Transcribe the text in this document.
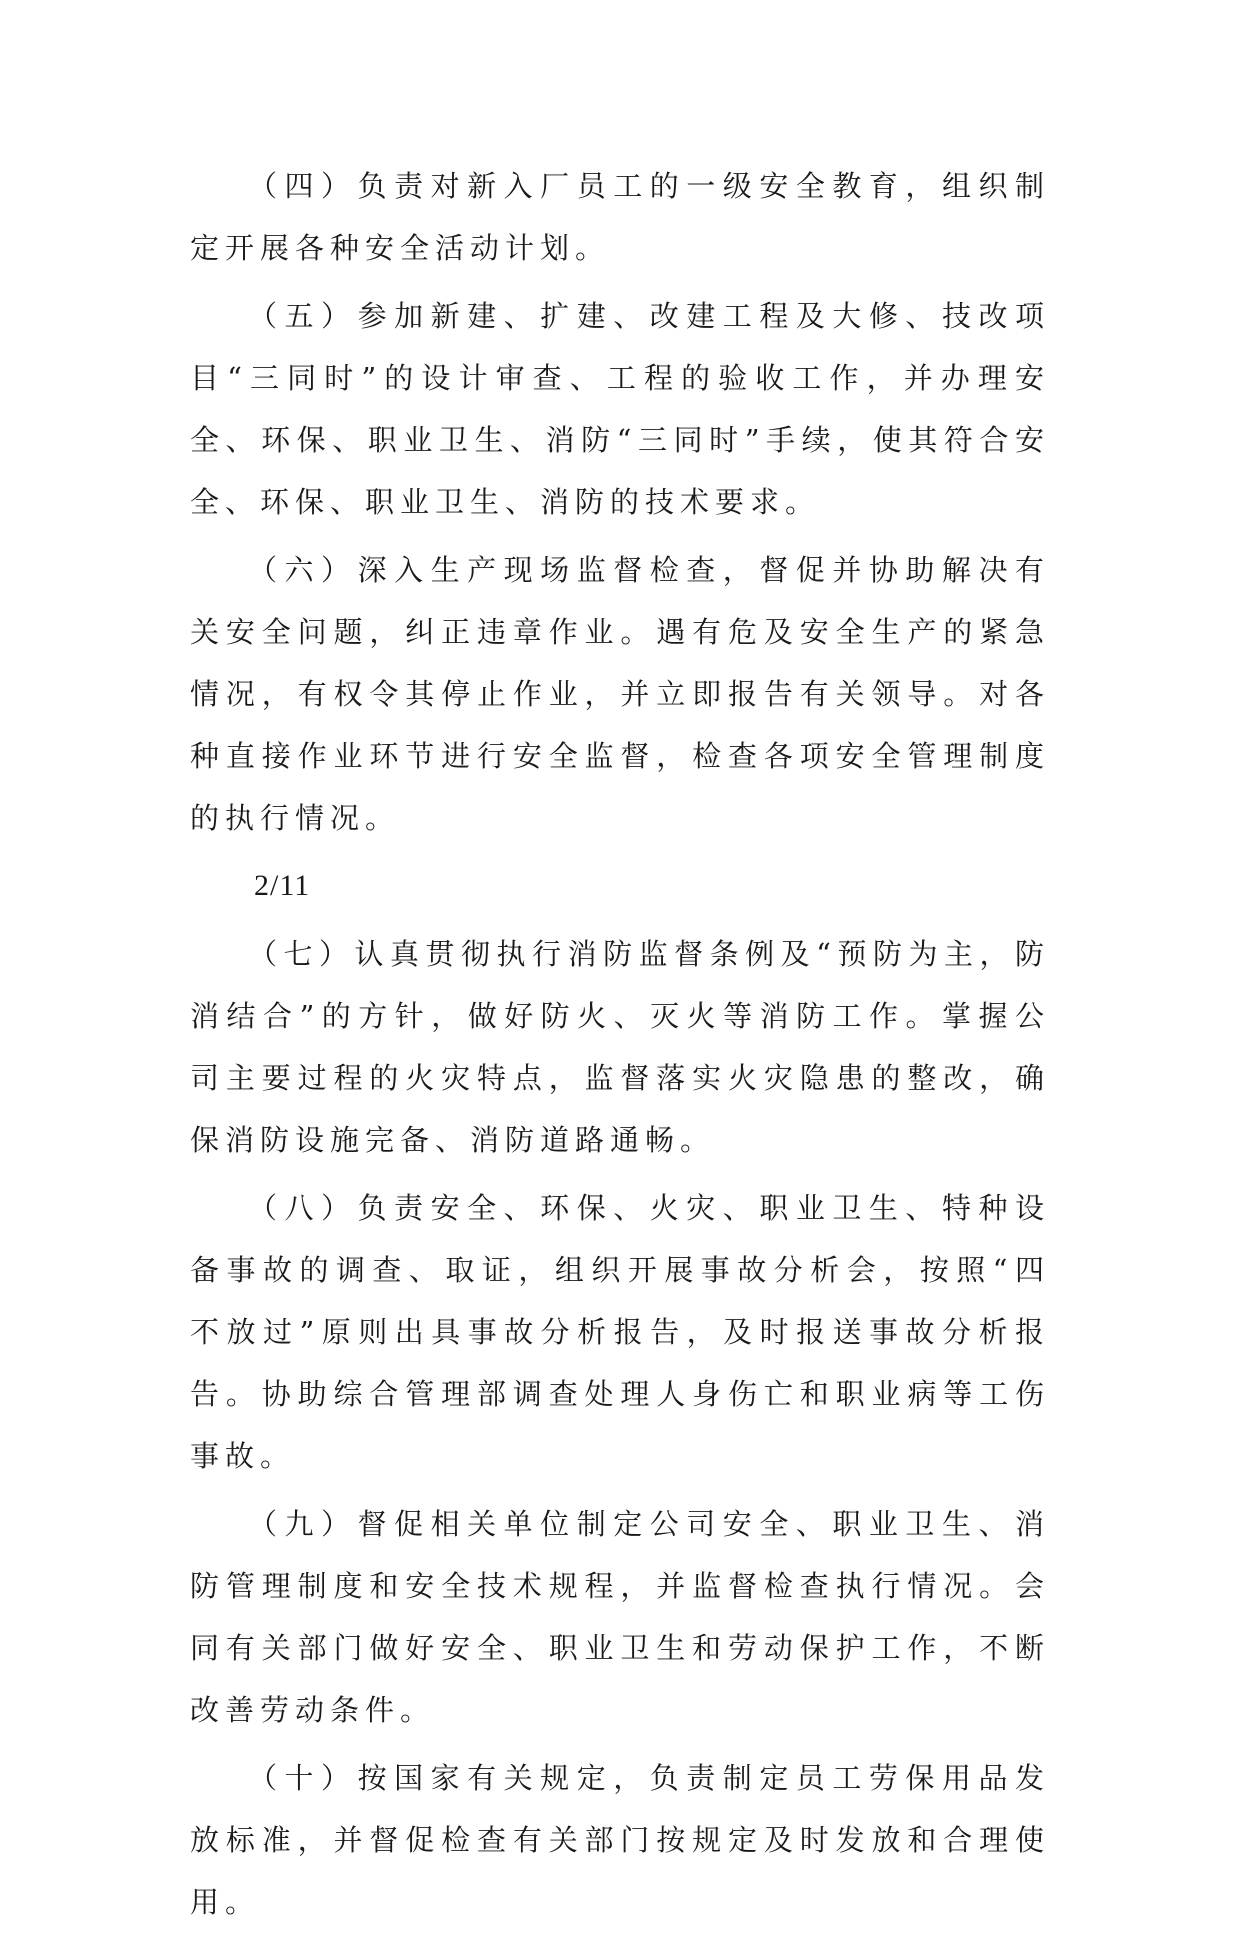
（四）负责对新入厂员工的一级安全教育，组织制定开展各种安全活动计划。

（五）参加新建、扩建、改建工程及大修、技改项目“三同时”的设计审查、工程的验收工作，并办理安全、环保、职业卫生、消防“三同时”手续，使其符合安全、环保、职业卫生、消防的技术要求。

（六）深入生产现场监督检查，督促并协助解决有关安全问题，纠正违章作业。遇有危及安全生产的紧急情况，有权令其停止作业，并立即报告有关领导。对各种直接作业环节进行安全监督，检查各项安全管理制度的执行情况。

2/11

（七）认真贯彻执行消防监督条例及“预防为主，防消结合”的方针，做好防火、灭火等消防工作。掌握公司主要过程的火灾特点，监督落实火灾隐患的整改，确保消防设施完备、消防道路通畅。

（八）负责安全、环保、火灾、职业卫生、特种设备事故的调查、取证，组织开展事故分析会，按照“四不放过”原则出具事故分析报告，及时报送事故分析报告。协助综合管理部调查处理人身伤亡和职业病等工伤事故。

（九）督促相关单位制定公司安全、职业卫生、消防管理制度和安全技术规程，并监督检查执行情况。会同有关部门做好安全、职业卫生和劳动保护工作，不断改善劳动条件。

（十）按国家有关规定，负责制定员工劳保用品发放标准，并督促检查有关部门按规定及时发放和合理使用。
